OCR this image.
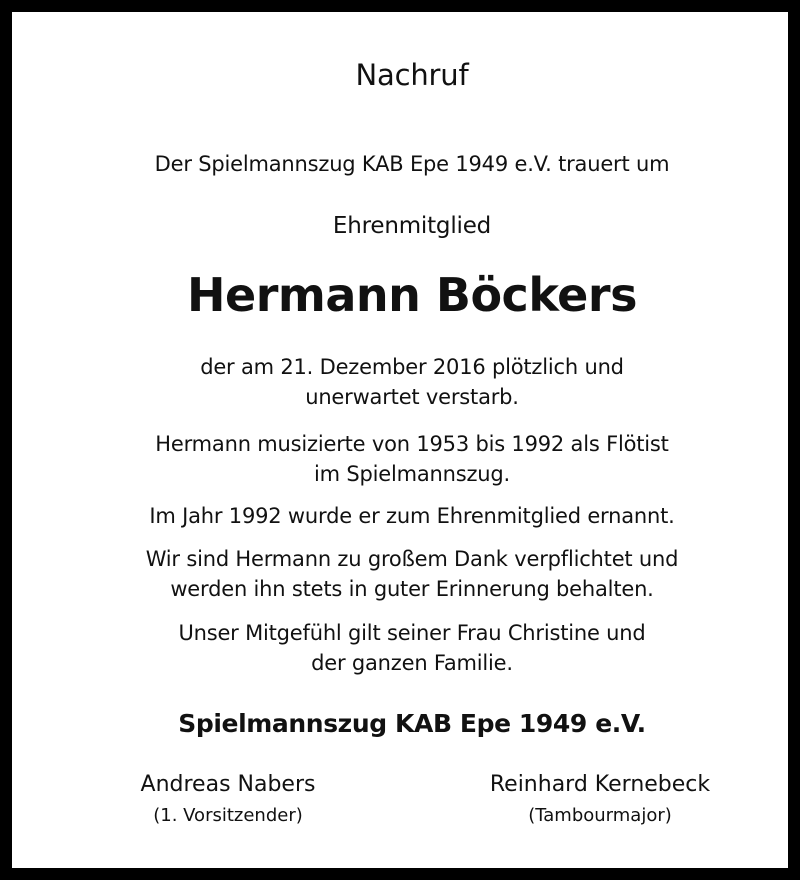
Nachruf
Der Spielmannszug KAB Epe 1949 e.V. trauert um
Ehrenmitglied
Hermann Böckers
der am 21. Dezember 2016 plötzlich und
unerwartet verstarb.
Hermann musizierte von 1953 bis 1992 als Flötist
im Spielmannszug.
Im Jahr 1992 wurde er zum Ehrenmitglied ernannt.
Wir sind Hermann zu großem Dank verpflichtet und
werden ihn stets in guter Erinnerung behalten.
Unser Mitgefühl gilt seiner Frau Christine und
der ganzen Familie.
Spielmannszug KAB Epe 1949 e.V.
Andreas Nabers
(1. Vorsitzender)
Reinhard Kernebeck
(Tambourmajor)
